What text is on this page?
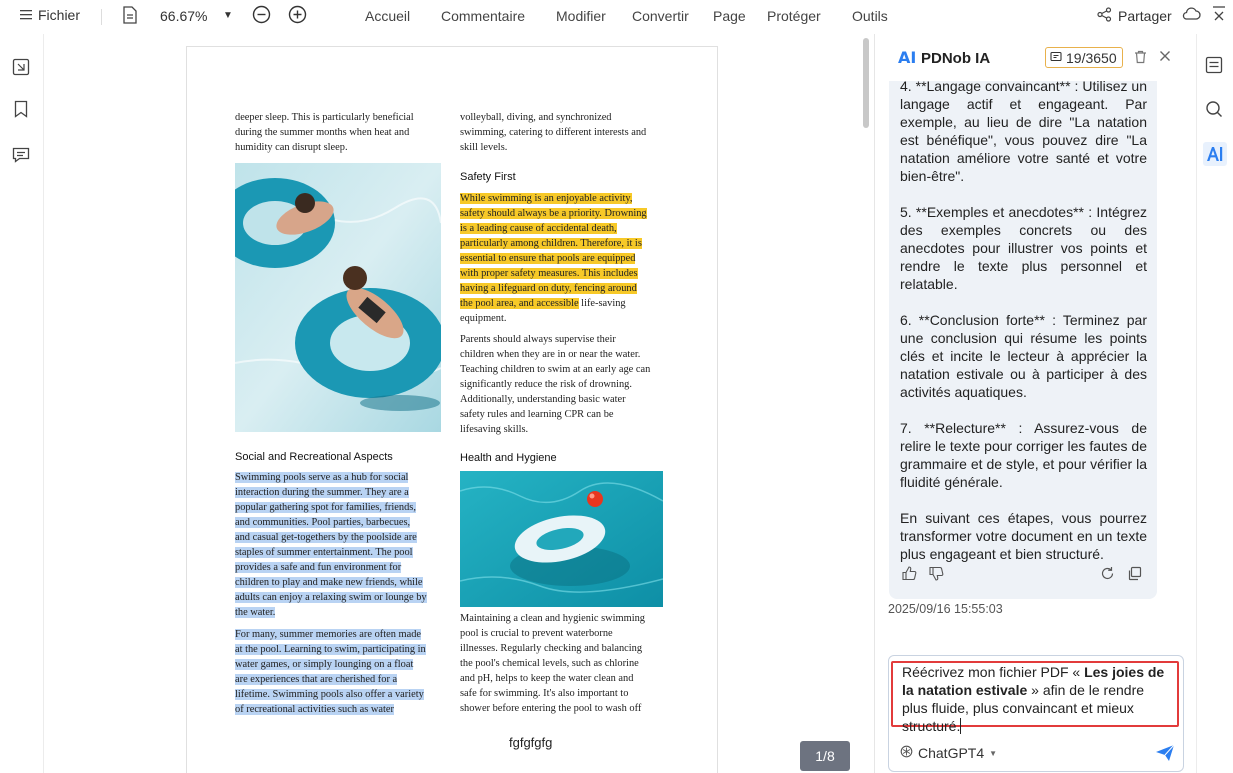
Fichier	66.67% ▼	Accueil Commentaire Modifier Convertir Page Protéger Outils	Partager
deeper sleep. This is particularly beneficial
during the summer months when heat and
humidity can disrupt sleep.
volleyball, diving, and synchronized
swimming, catering to different interests and
skill levels.
Safety First
While swimming is an enjoyable activity,
safety should always be a priority. Drowning
is a leading cause of accidental death,
particularly among children. Therefore, it is
essential to ensure that pools are equipped
with proper safety measures. This includes
having a lifeguard on duty, fencing around
the pool area, and accessible life-saving
equipment.
Parents should always supervise their
children when they are in or near the water.
Teaching children to swim at an early age can
significantly reduce the risk of drowning.
Additionally, understanding basic water
safety rules and learning CPR can be
lifesaving skills.
Social and Recreational Aspects
Swimming pools serve as a hub for social
interaction during the summer. They are a
popular gathering spot for families, friends,
and communities. Pool parties, barbecues,
and casual get-togethers by the poolside are
staples of summer entertainment. The pool
provides a safe and fun environment for
children to play and make new friends, while
adults can enjoy a relaxing swim or lounge by
the water.
For many, summer memories are often made
at the pool. Learning to swim, participating in
water games, or simply lounging on a float
are experiences that are cherished for a
lifetime. Swimming pools also offer a variety
of recreational activities such as water
Health and Hygiene
Maintaining a clean and hygienic swimming
pool is crucial to prevent waterborne
illnesses. Regularly checking and balancing
the pool's chemical levels, such as chlorine
and pH, helps to keep the water clean and
safe for swimming. It's also important to
shower before entering the pool to wash off
fgfgfgfg
1/8
AI PDNob IA	19/3650
4. **Langage convaincant** : Utilisez un langage actif et engageant. Par exemple, au lieu de dire "La natation est bénéfique", vous pouvez dire "La natation améliore votre santé et votre bien-être".

5. **Exemples et anecdotes** : Intégrez des exemples concrets ou des anecdotes pour illustrer vos points et rendre le texte plus personnel et relatable.

6. **Conclusion forte** : Terminez par une conclusion qui résume les points clés et incite le lecteur à apprécier la natation estivale ou à participer à des activités aquatiques.

7. **Relecture** : Assurez-vous de relire le texte pour corriger les fautes de grammaire et de style, et pour vérifier la fluidité générale.

En suivant ces étapes, vous pourrez transformer votre document en un texte plus engageant et bien structuré.
2025/09/16 15:55:03
Réécrivez mon fichier PDF « Les joies de la natation estivale » afin de le rendre plus fluide, plus convaincant et mieux structuré.
ChatGPT4 ▼
